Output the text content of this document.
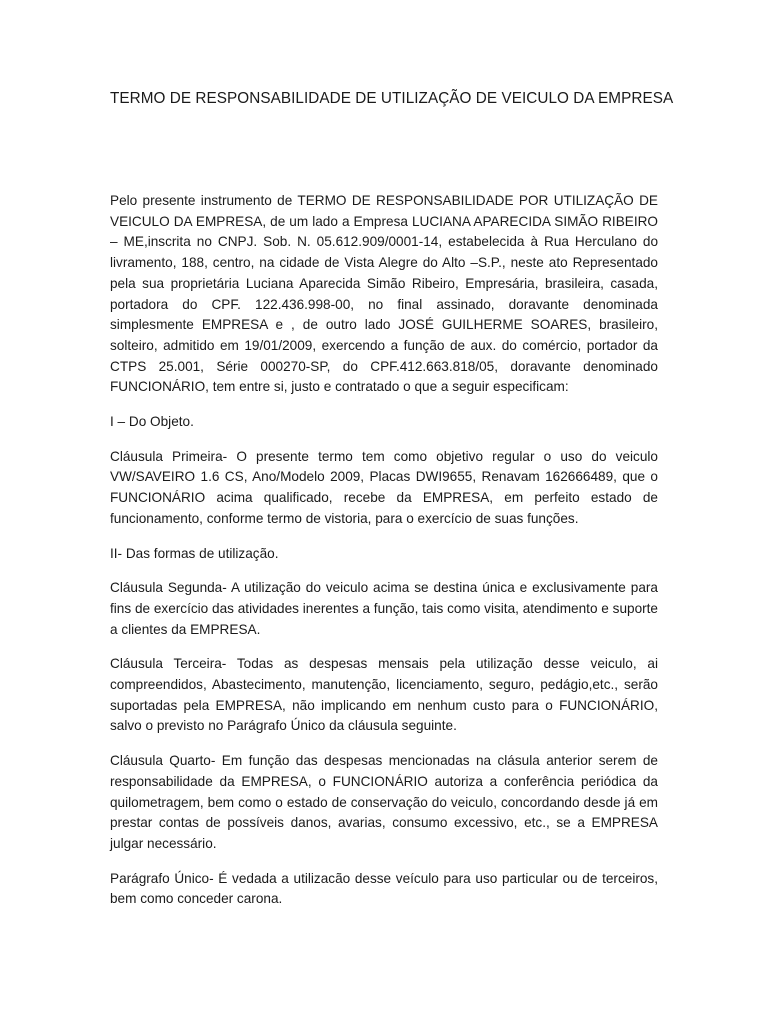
TERMO DE RESPONSABILIDADE DE UTILIZAÇÃO DE VEICULO DA EMPRESA

Pelo presente instrumento de TERMO DE RESPONSABILIDADE POR UTILIZAÇÃO DE VEICULO DA EMPRESA, de um lado a Empresa LUCIANA APARECIDA SIMÃO RIBEIRO – ME,inscrita no CNPJ. Sob. N. 05.612.909/0001-14, estabelecida à Rua Herculano do livramento, 188, centro, na cidade de Vista Alegre do Alto –S.P., neste ato Representado pela sua proprietária Luciana Aparecida Simão Ribeiro, Empresária, brasileira, casada, portadora do CPF. 122.436.998-00, no final assinado, doravante denominada simplesmente EMPRESA e , de outro lado JOSÉ GUILHERME SOARES, brasileiro, solteiro, admitido em 19/01/2009, exercendo a função de aux. do comércio, portador da CTPS 25.001, Série 000270-SP, do CPF.412.663.818/05, doravante denominado FUNCIONÁRIO, tem entre si, justo e contratado o que a seguir especificam:

I – Do Objeto.

Cláusula Primeira- O presente termo tem como objetivo regular o uso do veiculo VW/SAVEIRO 1.6 CS, Ano/Modelo 2009, Placas DWI9655, Renavam 162666489, que o FUNCIONÁRIO acima qualificado, recebe da EMPRESA, em perfeito estado de funcionamento, conforme termo de vistoria, para o exercício de suas funções.

II- Das formas de utilização.

Cláusula Segunda- A utilização do veiculo acima se destina única e exclusivamente para fins de exercício das atividades inerentes a função, tais como visita, atendimento e suporte a clientes da EMPRESA.

Cláusula Terceira- Todas as despesas mensais pela utilização desse veiculo, ai compreendidos, Abastecimento, manutenção, licenciamento, seguro, pedágio,etc., serão suportadas pela EMPRESA, não implicando em nenhum custo para o FUNCIONÁRIO, salvo o previsto no Parágrafo Único da cláusula seguinte.

Cláusula Quarto- Em função das despesas mencionadas na clásula anterior serem de responsabilidade da EMPRESA, o FUNCIONÁRIO autoriza a conferência periódica da quilometragem, bem como o estado de conservação do veiculo, concordando desde já em prestar contas de possíveis danos, avarias, consumo excessivo, etc., se a EMPRESA julgar necessário.

Parágrafo Único- É vedada a utilizacão desse veículo para uso particular ou de terceiros, bem como conceder carona.
